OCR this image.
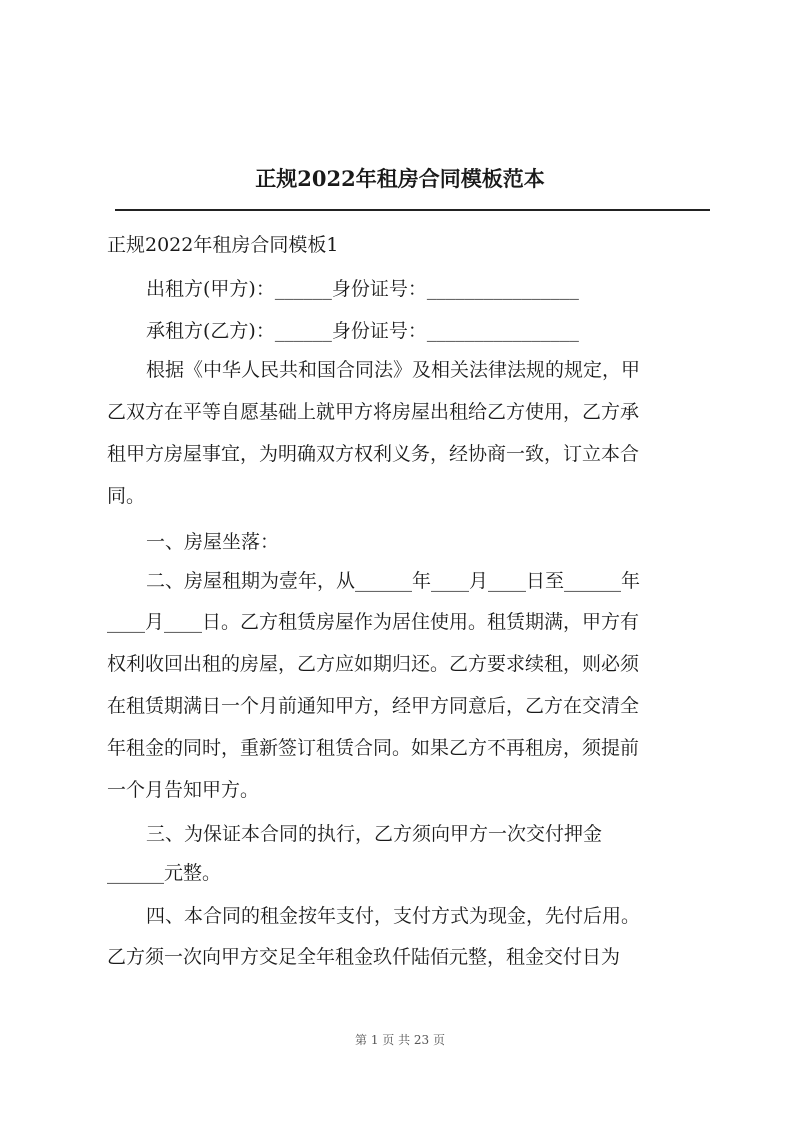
正规2022年租房合同模板范本
正规2022年租房合同模板1
出租方(甲方)：______身份证号：________________
承租方(乙方)：______身份证号：________________
根据《中华人民共和国合同法》及相关法律法规的规定，甲
乙双方在平等自愿基础上就甲方将房屋出租给乙方使用，乙方承
租甲方房屋事宜，为明确双方权利义务，经协商一致，订立本合
同。
一、房屋坐落：
二、房屋租期为壹年，从______年____月____日至______年
____月____日。乙方租赁房屋作为居住使用。租赁期满，甲方有
权利收回出租的房屋，乙方应如期归还。乙方要求续租，则必须
在租赁期满日一个月前通知甲方，经甲方同意后，乙方在交清全
年租金的同时，重新签订租赁合同。如果乙方不再租房，须提前
一个月告知甲方。
三、为保证本合同的执行，乙方须向甲方一次交付押金
______元整。
四、本合同的租金按年支付，支付方式为现金，先付后用。
乙方须一次向甲方交足全年租金玖仟陆佰元整，租金交付日为
第 1 页 共 23 页
